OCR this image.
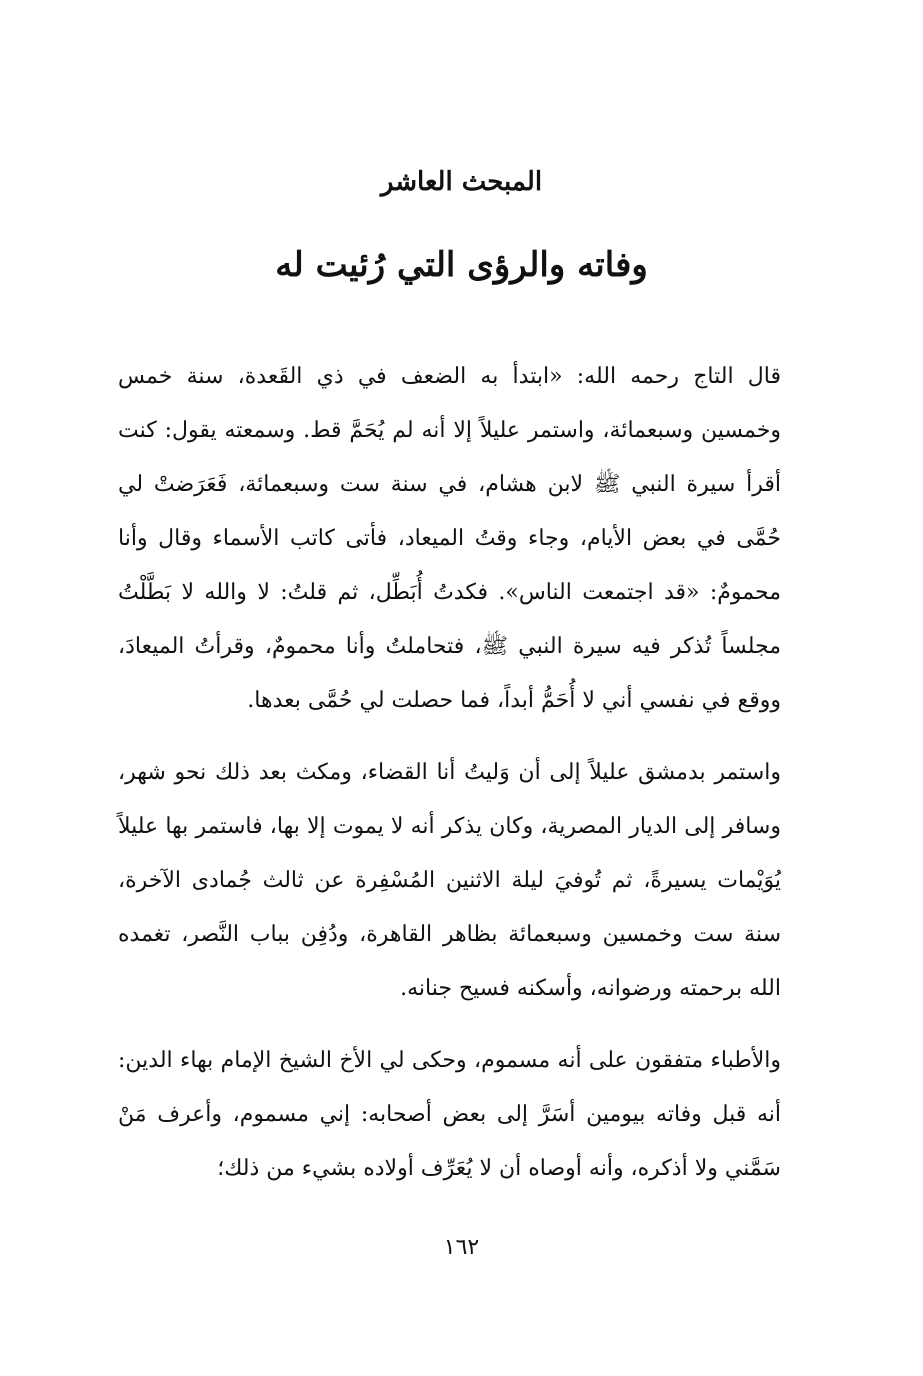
المبحث العاشر
وفاته والرؤى التي رُئيت له

قال التاج رحمه الله: «ابتدأ به الضعف في ذي القَعدة، سنة خمس وخمسين وسبعمائة، واستمر عليلاً إلا أنه لم يُحَمَّ قط. وسمعته يقول: كنت أقرأ سيرة النبي ﷺ لابن هشام، في سنة ست وسبعمائة، فَعَرَضتْ لي حُمَّى في بعض الأيام، وجاء وقتُ الميعاد، فأتى كاتب الأسماء وقال وأنا محمومٌ: «قد اجتمعت الناس». فكدتُ أُبَطِّل، ثم قلتُ: لا والله لا بَطَّلْتُ مجلساً تُذكر فيه سيرة النبي ﷺ، فتحاملتُ وأنا محمومٌ، وقرأتُ الميعادَ، ووقع في نفسي أني لا أُحَمُّ أبداً، فما حصلت لي حُمَّى بعدها.

واستمر بدمشق عليلاً إلى أن وَليتُ أنا القضاء، ومكث بعد ذلك نحو شهر، وسافر إلى الديار المصرية، وكان يذكر أنه لا يموت إلا بها، فاستمر بها عليلاً يُوَيْمات يسيرةً، ثم تُوفيَ ليلة الاثنين المُسْفِرة عن ثالث جُمادى الآخرة، سنة ست وخمسين وسبعمائة بظاهر القاهرة، ودُفِن بباب النَّصر، تغمده الله برحمته ورضوانه، وأسكنه فسيح جنانه.

والأطباء متفقون على أنه مسموم، وحكى لي الأخ الشيخ الإمام بهاء الدين: أنه قبل وفاته بيومين أسَرَّ إلى بعض أصحابه: إني مسموم، وأعرف مَنْ سَمَّني ولا أذكره، وأنه أوصاه أن لا يُعَرِّف أولاده بشيء من ذلك؛

١٦٢
